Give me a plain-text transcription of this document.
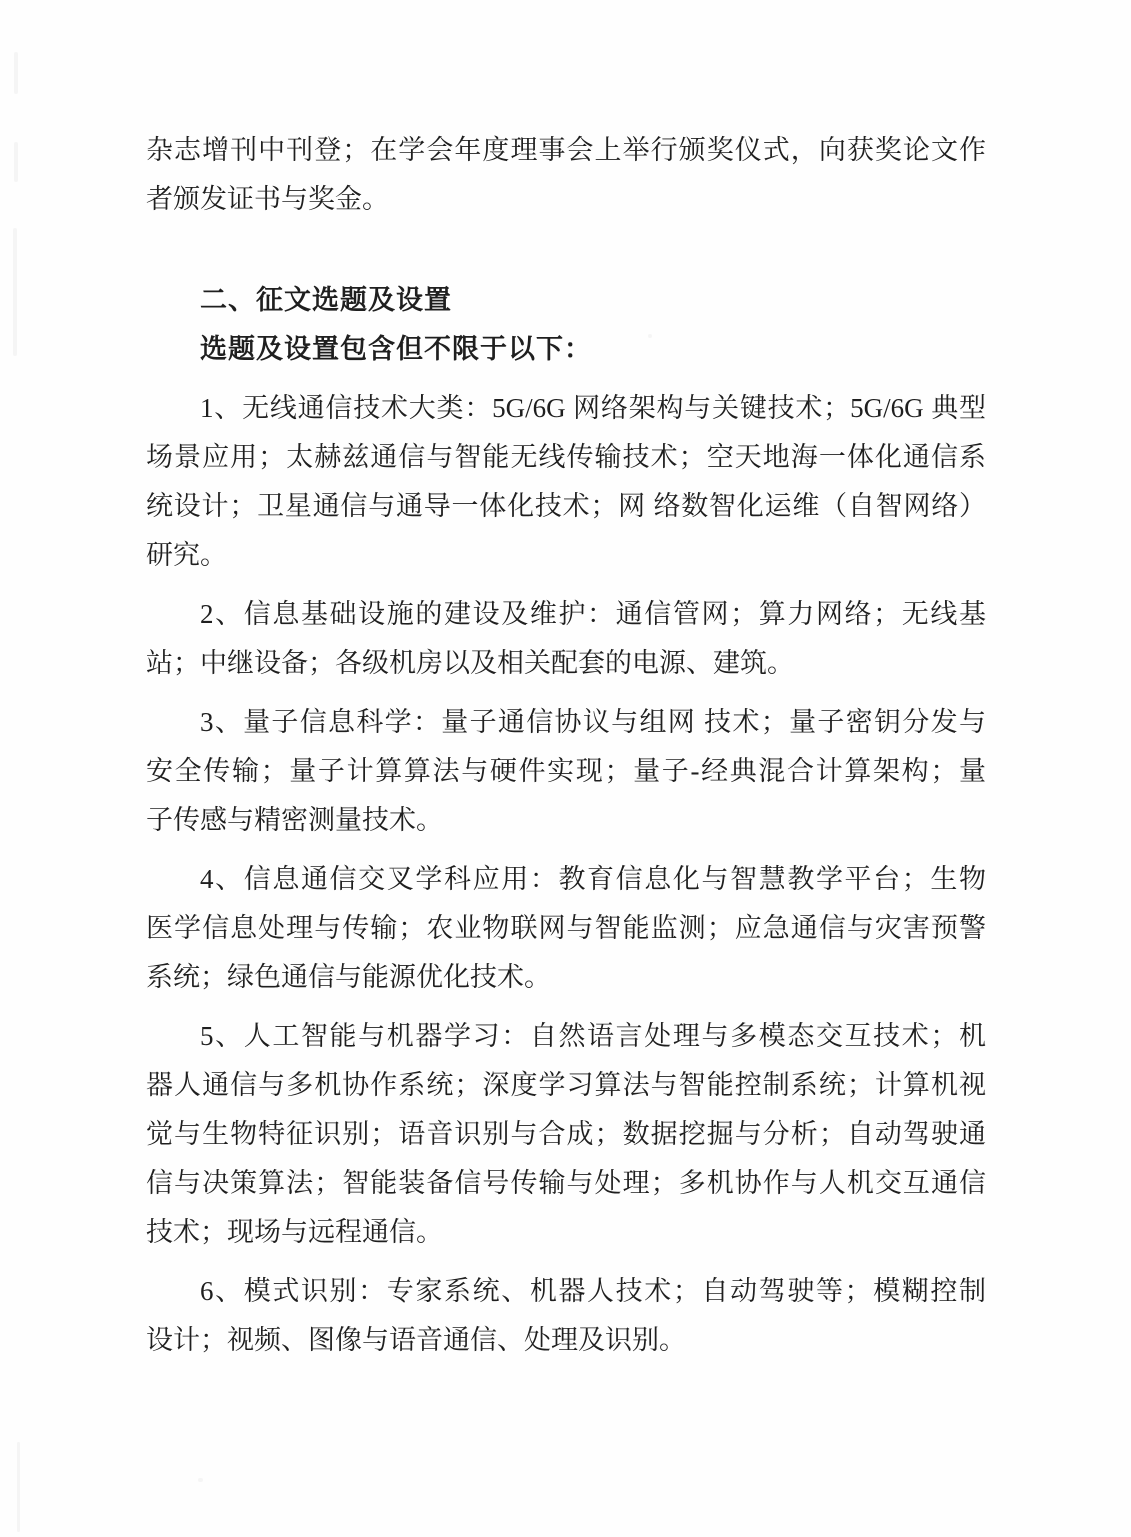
杂志增刊中刊登；在学会年度理事会上举行颁奖仪式，向获奖论文作
者颁发证书与奖金。
二、征文选题及设置
选题及设置包含但不限于以下：
1、无线通信技术大类：5G/6G 网络架构与关键技术；5G/6G 典型
场景应用；太赫兹通信与智能无线传输技术；空天地海一体化通信系
统设计；卫星通信与通导一体化技术；网 络数智化运维（自智网络）
研究。
2、信息基础设施的建设及维护：通信管网；算力网络；无线基
站；中继设备；各级机房以及相关配套的电源、建筑。
3、量子信息科学：量子通信协议与组网 技术；量子密钥分发与
安全传输；量子计算算法与硬件实现；量子-经典混合计算架构；量
子传感与精密测量技术。
4、信息通信交叉学科应用：教育信息化与智慧教学平台；生物
医学信息处理与传输；农业物联网与智能监测；应急通信与灾害预警
系统；绿色通信与能源优化技术。
5、人工智能与机器学习：自然语言处理与多模态交互技术；机
器人通信与多机协作系统；深度学习算法与智能控制系统；计算机视
觉与生物特征识别；语音识别与合成；数据挖掘与分析；自动驾驶通
信与决策算法；智能装备信号传输与处理；多机协作与人机交互通信
技术；现场与远程通信。
6、模式识别：专家系统、机器人技术；自动驾驶等；模糊控制
设计；视频、图像与语音通信、处理及识别。
